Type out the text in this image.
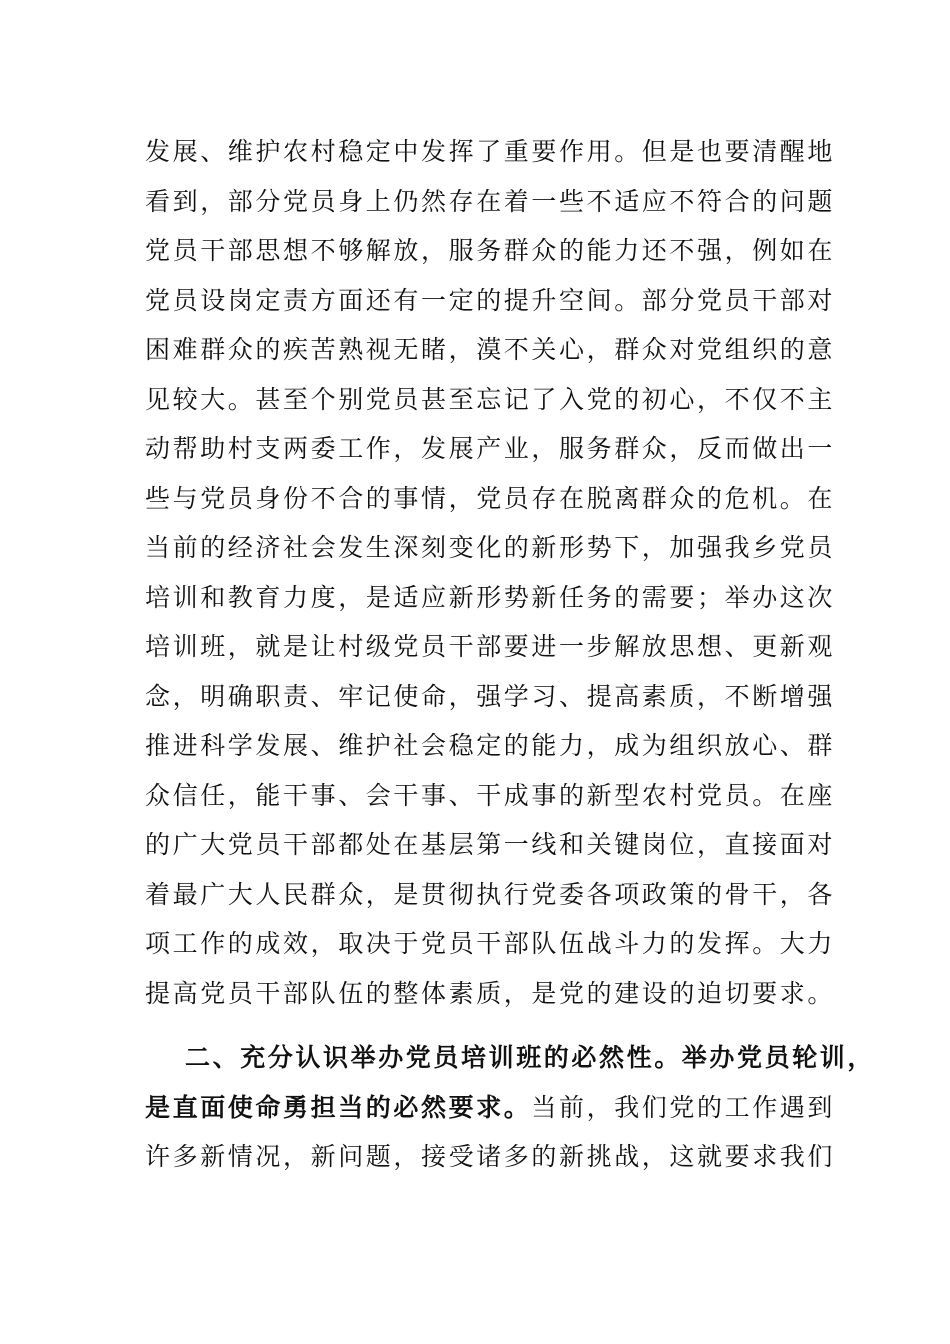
发展、维护农村稳定中发挥了重要作用。但是也要清醒地
看到，部分党员身上仍然存在着一些不适应不符合的问题
党员干部思想不够解放，服务群众的能力还不强，例如在
党员设岗定责方面还有一定的提升空间。部分党员干部对
困难群众的疾苦熟视无睹，漠不关心，群众对党组织的意
见较大。甚至个别党员甚至忘记了入党的初心，不仅不主
动帮助村支两委工作，发展产业，服务群众，反而做出一
些与党员身份不合的事情，党员存在脱离群众的危机。在
当前的经济社会发生深刻变化的新形势下，加强我乡党员
培训和教育力度，是适应新形势新任务的需要；举办这次
培训班，就是让村级党员干部要进一步解放思想、更新观
念，明确职责、牢记使命，强学习、提高素质，不断增强
推进科学发展、维护社会稳定的能力，成为组织放心、群
众信任，能干事、会干事、干成事的新型农村党员。在座
的广大党员干部都处在基层第一线和关键岗位，直接面对
着最广大人民群众，是贯彻执行党委各项政策的骨干，各
项工作的成效，取决于党员干部队伍战斗力的发挥。大力
提高党员干部队伍的整体素质，是党的建设的迫切要求。
二、充分认识举办党员培训班的必然性。举办党员轮训，
是直面使命勇担当的必然要求。当前，我们党的工作遇到
许多新情况，新问题，接受诸多的新挑战，这就要求我们
